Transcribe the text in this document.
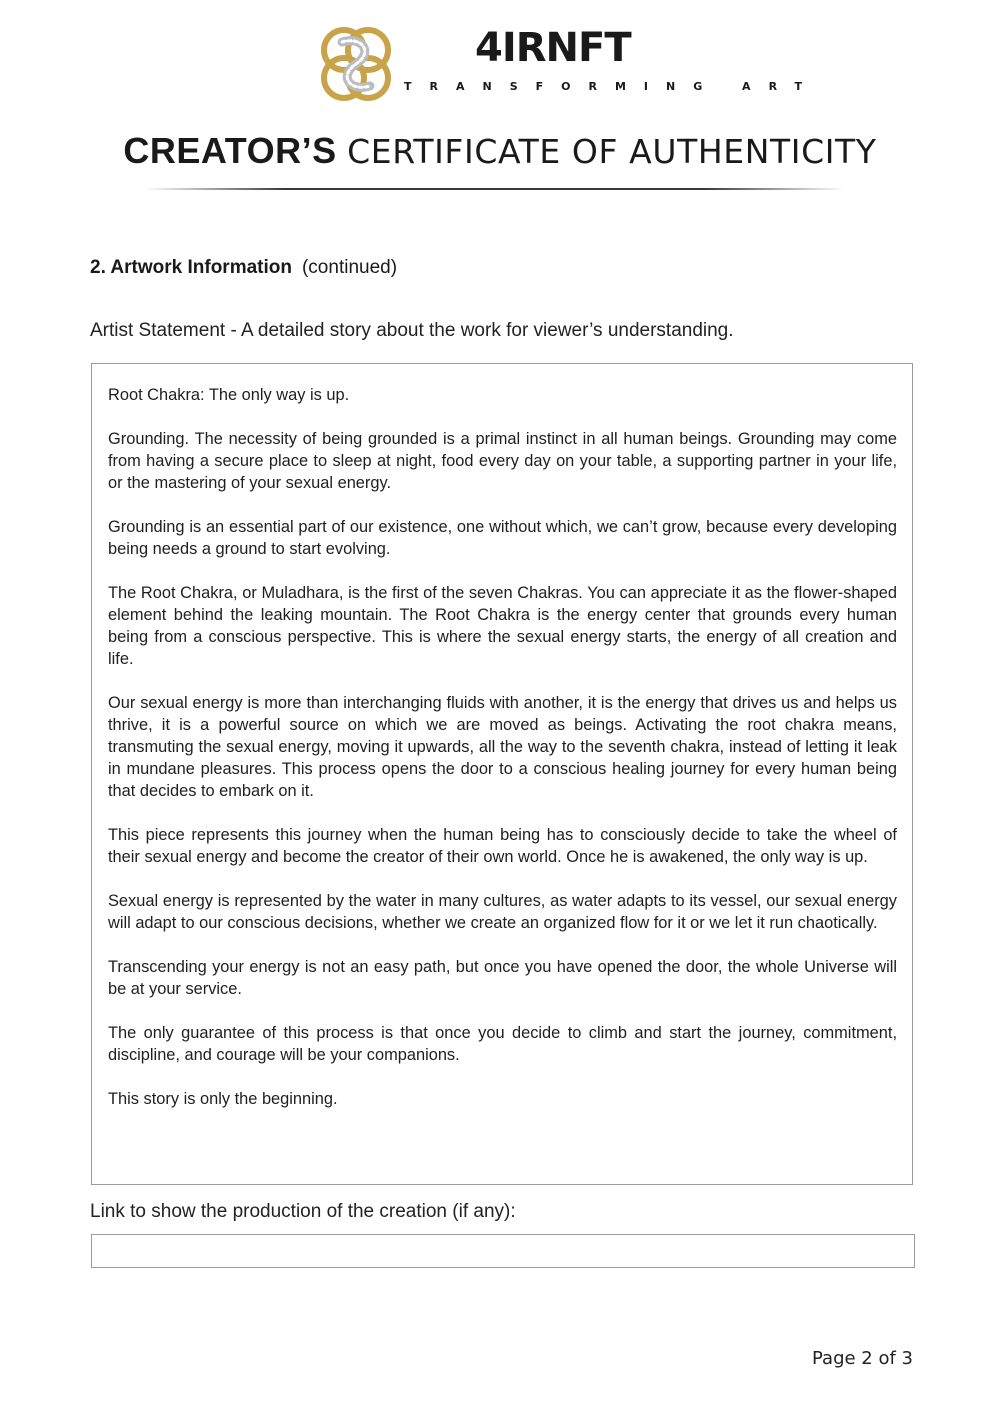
4IRNFT
TRANSFORMING ART
CREATOR’S CERTIFICATE OF AUTHENTICITY
2. Artwork Information (continued)
Artist Statement - A detailed story about the work for viewer’s understanding.

Root Chakra: The only way is up.

Grounding. The necessity of being grounded is a primal instinct in all human beings. Grounding may come from having a secure place to sleep at night, food every day on your table, a supporting partner in your life, or the mastering of your sexual energy.

Grounding is an essential part of our existence, one without which, we can’t grow, because every developing being needs a ground to start evolving.

The Root Chakra, or Muladhara, is the first of the seven Chakras. You can appreciate it as the flower-shaped element behind the leaking mountain. The Root Chakra is the energy center that grounds every human being from a conscious perspective. This is where the sexual energy starts, the energy of all creation and life.

Our sexual energy is more than interchanging fluids with another, it is the energy that drives us and helps us thrive, it is a powerful source on which we are moved as beings. Activating the root chakra means, transmuting the sexual energy, moving it upwards, all the way to the seventh chakra, instead of letting it leak in mundane pleasures. This process opens the door to a conscious healing journey for every human being that decides to embark on it.

This piece represents this journey when the human being has to consciously decide to take the wheel of their sexual energy and become the creator of their own world. Once he is awakened, the only way is up.

Sexual energy is represented by the water in many cultures, as water adapts to its vessel, our sexual energy will adapt to our conscious decisions, whether we create an organized flow for it or we let it run chaotically.

Transcending your energy is not an easy path, but once you have opened the door, the whole Universe will be at your service.

The only guarantee of this process is that once you decide to climb and start the journey, commitment, discipline, and courage will be your companions.

This story is only the beginning.

Link to show the production of the creation (if any):
Page 2 of 3
